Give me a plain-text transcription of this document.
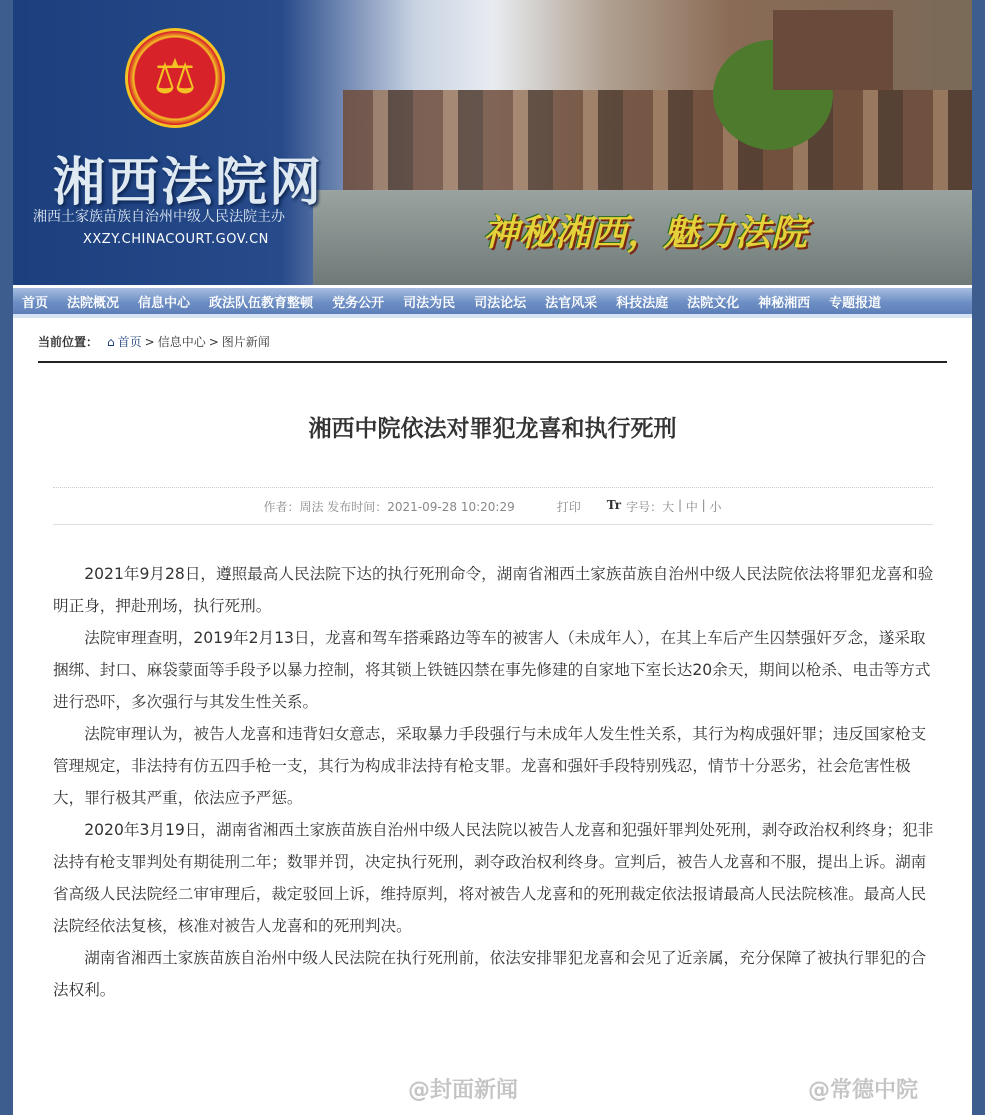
⚖
湘西法院网
湘西土家族苗族自治州中级人民法院主办
XXZY.CHINACOURT.GOV.CN	神秘湘西，魅力法院
首页 法院概况 信息中心 政法队伍教育整顿 党务公开 司法为民 司法论坛 法官风采 科技法庭 法院文化 神秘湘西 专题报道
当前位置： ⌂ 首页 > 信息中心 > 图片新闻
湘西中院依法对罪犯龙喜和执行死刑
作者：周法
发布时间：2021-09-28 10:20:29	打印 Tr 字号： 大 | 中 | 小

2021年9月28日，遵照最高人民法院下达的执行死刑命令，湖南省湘西土家族苗族自治州中级人民法院依法将罪犯龙喜和验明正身，押赴刑场，执行死刑。

法院审理查明，2019年2月13日，龙喜和驾车搭乘路边等车的被害人（未成年人），在其上车后产生囚禁强奸歹念，遂采取捆绑、封口、麻袋蒙面等手段予以暴力控制，将其锁上铁链囚禁在事先修建的自家地下室长达20余天，期间以枪杀、电击等方式进行恐吓，多次强行与其发生性关系。

法院审理认为，被告人龙喜和违背妇女意志，采取暴力手段强行与未成年人发生性关系，其行为构成强奸罪；违反国家枪支管理规定，非法持有仿五四手枪一支，其行为构成非法持有枪支罪。龙喜和强奸手段特别残忍，情节十分恶劣，社会危害性极大，罪行极其严重，依法应予严惩。

2020年3月19日，湖南省湘西土家族苗族自治州中级人民法院以被告人龙喜和犯强奸罪判处死刑，剥夺政治权利终身；犯非法持有枪支罪判处有期徒刑二年；数罪并罚，决定执行死刑，剥夺政治权利终身。宣判后，被告人龙喜和不服，提出上诉。湖南省高级人民法院经二审审理后，裁定驳回上诉，维持原判，将对被告人龙喜和的死刑裁定依法报请最高人民法院核准。最高人民法院经依法复核，核准对被告人龙喜和的死刑判决。

湖南省湘西土家族苗族自治州中级人民法院在执行死刑前，依法安排罪犯龙喜和会见了近亲属，充分保障了被执行罪犯的合法权利。

@封面新闻	@常德中院
